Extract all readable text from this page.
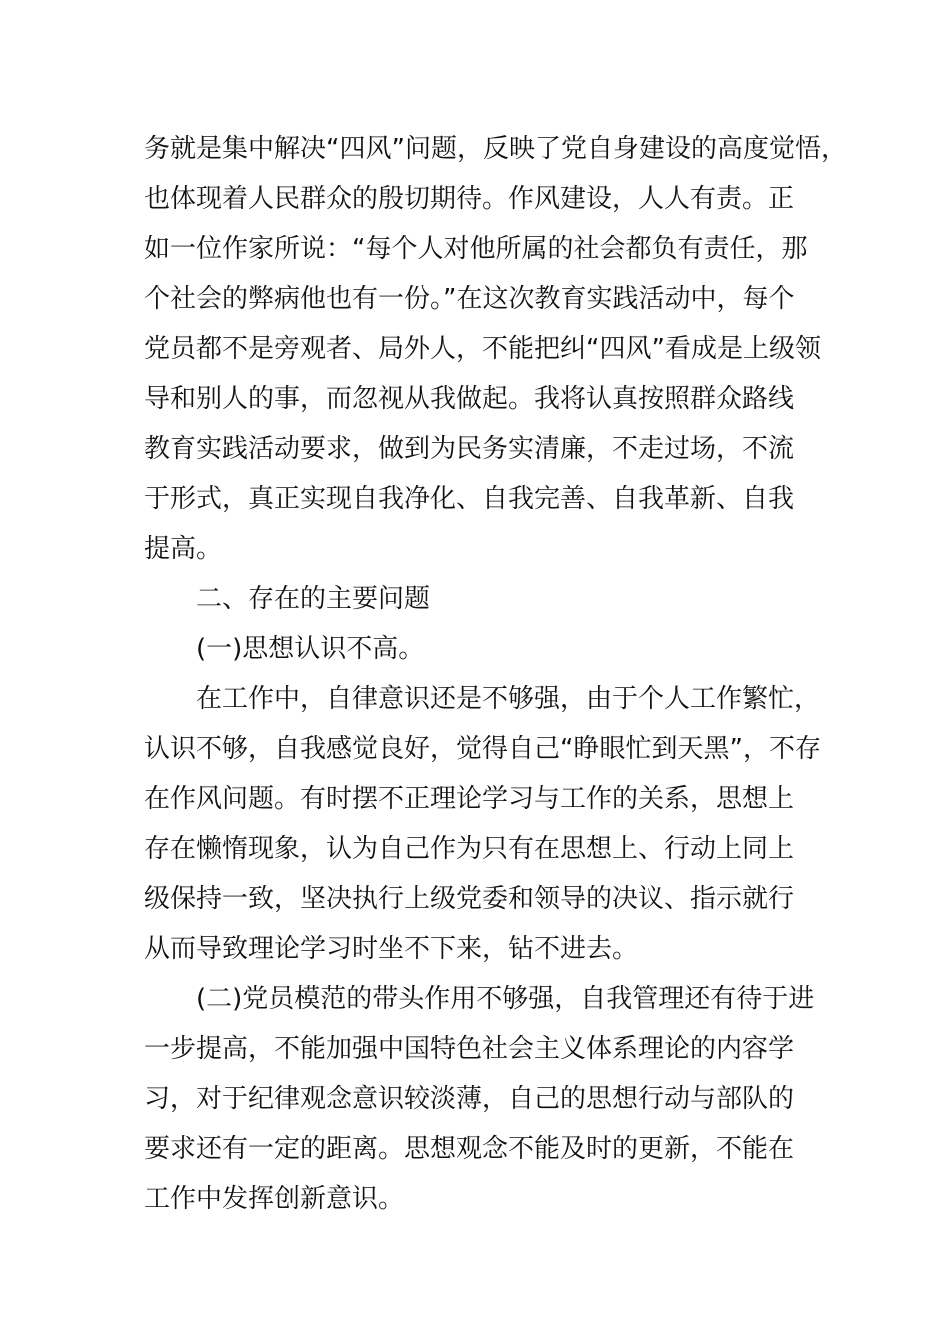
务就是集中解决“四风”问题，反映了党自身建设的高度觉悟，
也体现着人民群众的殷切期待。作风建设，人人有责。正
如一位作家所说：“每个人对他所属的社会都负有责任，那
个社会的弊病他也有一份。”在这次教育实践活动中，每个
党员都不是旁观者、局外人，不能把纠“四风”看成是上级领
导和别人的事，而忽视从我做起。我将认真按照群众路线
教育实践活动要求，做到为民务实清廉，不走过场，不流
于形式，真正实现自我净化、自我完善、自我革新、自我
提高。
二、存在的主要问题
(一)思想认识不高。
在工作中，自律意识还是不够强，由于个人工作繁忙，
认识不够，自我感觉良好，觉得自己“睁眼忙到天黑”，不存
在作风问题。有时摆不正理论学习与工作的关系，思想上
存在懒惰现象，认为自己作为只有在思想上、行动上同上
级保持一致，坚决执行上级党委和领导的决议、指示就行
从而导致理论学习时坐不下来，钻不进去。
(二)党员模范的带头作用不够强，自我管理还有待于进
一步提高，不能加强中国特色社会主义体系理论的内容学
习，对于纪律观念意识较淡薄，自己的思想行动与部队的
要求还有一定的距离。思想观念不能及时的更新，不能在
工作中发挥创新意识。
